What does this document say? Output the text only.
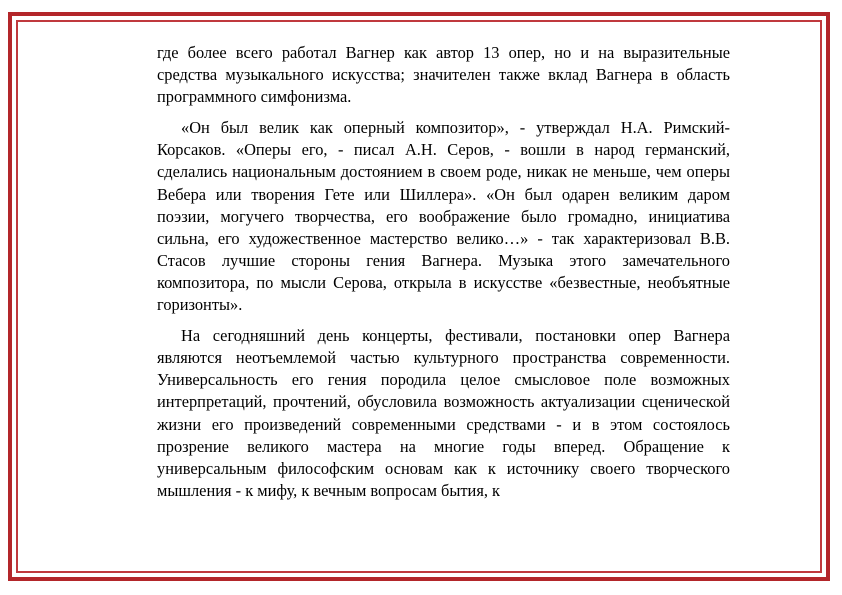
где более всего работал Вагнер как автор 13 опер, но и на выразительные средства музыкального искусства; значителен также вклад Вагнера в область программного симфонизма.

«Он был велик как оперный композитор», - утверждал Н.А. Римский-Корсаков. «Оперы его, - писал А.Н. Серов, - вошли в народ германский, сделались национальным достоянием в своем роде, никак не меньше, чем оперы Вебера или творения Гете или Шиллера». «Он был одарен великим даром поэзии, могучего творчества, его воображение было громадно, инициатива сильна, его художественное мастерство велико…» - так характеризовал В.В. Стасов лучшие стороны гения Вагнера. Музыка этого замечательного композитора, по мысли Серова, открыла в искусстве «безвестные, необъятные горизонты».

На сегодняшний день концерты, фестивали, постановки опер Вагнера являются неотъемлемой частью культурного пространства современности. Универсальность его гения породила целое смысловое поле возможных интерпретаций, прочтений, обусловила возможность актуализации сценической жизни его произведений современными средствами - и в этом состоялось прозрение великого мастера на многие годы вперед. Обращение к универсальным философским основам как к источнику своего творческого мышления - к мифу, к вечным вопросам бытия, к
